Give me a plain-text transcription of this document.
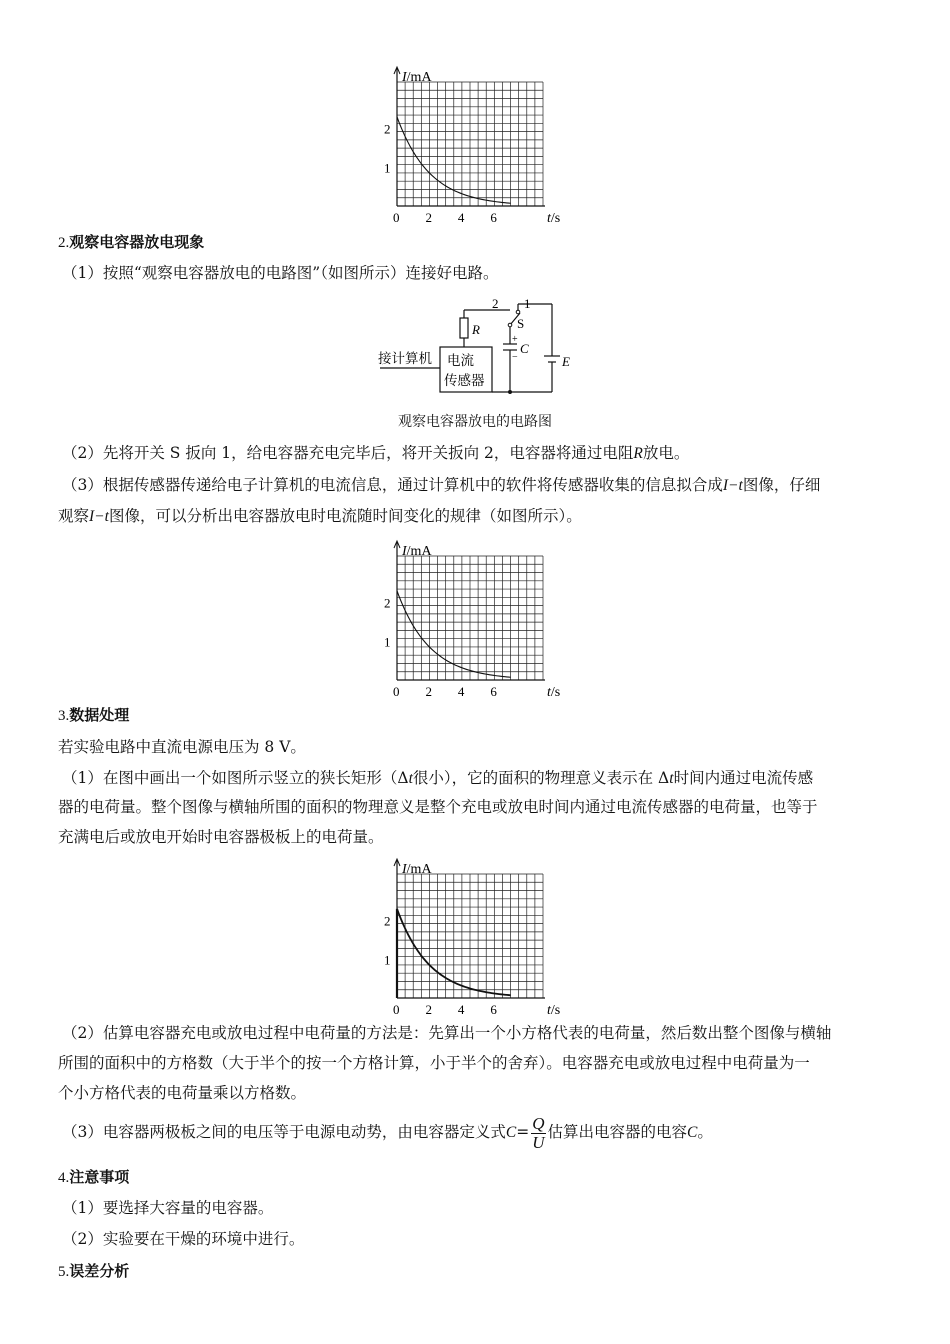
I/mA
t/s
1
2
0 2 4 6
2.观察电容器放电现象
（1）按照“观察电容器放电的电路图”（如图所示）连接好电路。
2 1
R	S
C
E
+
−
接计算机 电流
传感器
观察电容器放电的电路图
（2）先将开关 S 扳向 1，给电容器充电完毕后，将开关扳向 2，电容器将通过电阻R放电。
（3）根据传感器传递给电子计算机的电流信息，通过计算机中的软件将传感器收集的信息拟合成I−t图像，仔细
观察I−t图像，可以分析出电容器放电时电流随时间变化的规律（如图所示）。
I/mA
t/s
1
2
0 2 4 6
3.数据处理
若实验电路中直流电源电压为 8 V。
（1）在图中画出一个如图所示竖立的狭长矩形（Δt很小），它的面积的物理意义表示在 Δt时间内通过电流传感
器的电荷量。整个图像与横轴所围的面积的物理意义是整个充电或放电时间内通过电流传感器的电荷量，也等于
充满电后或放电开始时电容器极板上的电荷量。
I/mA
t/s
1
2
0 2 4 6
（2）估算电容器充电或放电过程中电荷量的方法是：先算出一个小方格代表的电荷量，然后数出整个图像与横轴
所围的面积中的方格数（大于半个的按一个方格计算，小于半个的舍弃）。电容器充电或放电过程中电荷量为一
个小方格代表的电荷量乘以方格数。
（3）电容器两极板之间的电压等于电源电动势，由电容器定义式$C= \frac{Q}{U}$ 估算出电容器的电容C。
4.注意事项
（1）要选择大容量的电容器。
（2）实验要在干燥的环境中进行。
5.误差分析
